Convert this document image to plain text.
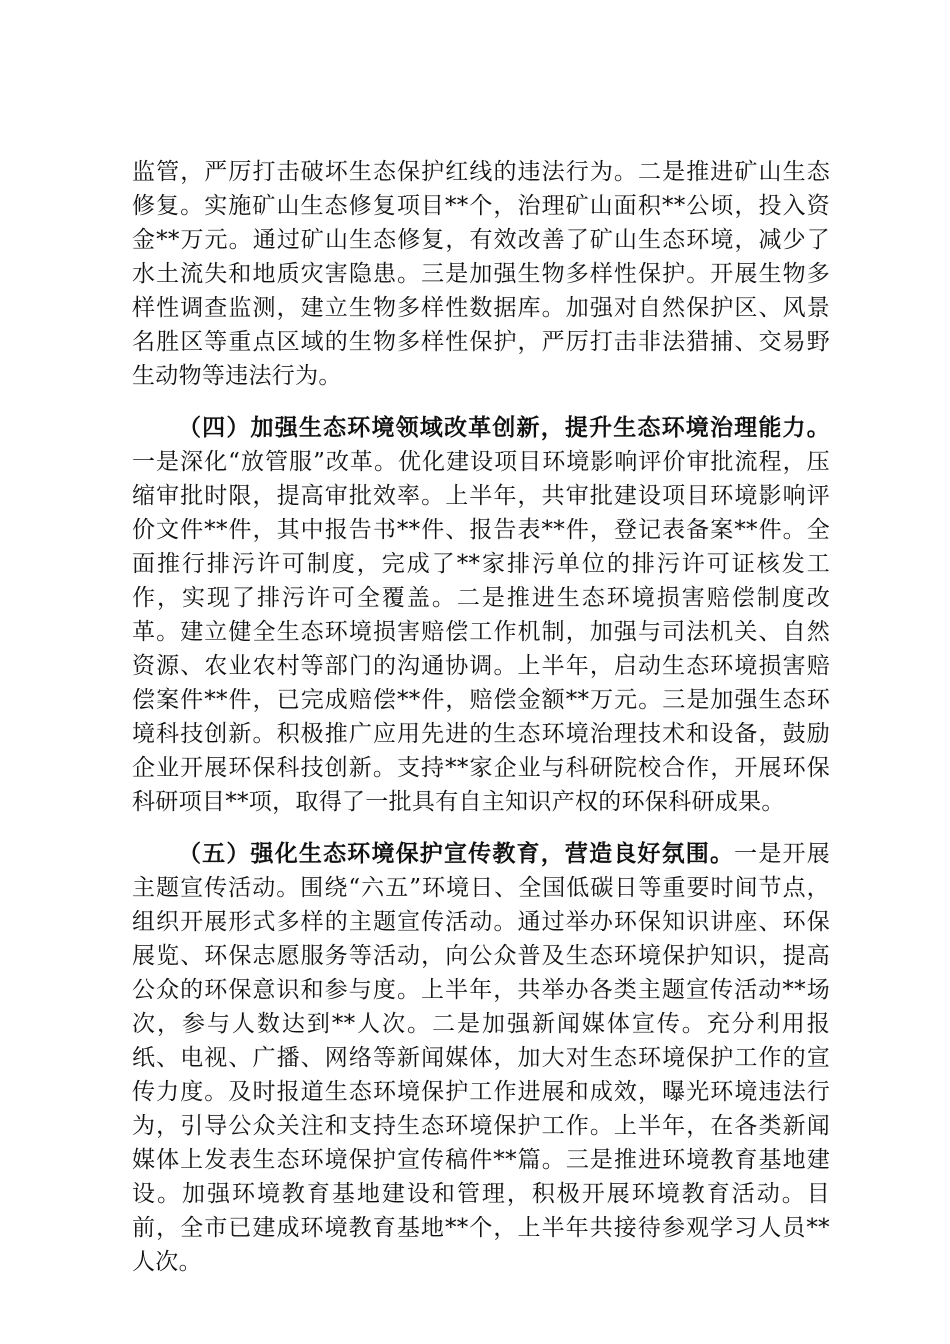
监管，严厉打击破坏生态保护红线的违法行为。二是推进矿山生态修复。实施矿山生态修复项目**个，治理矿山面积**公顷，投入资金**万元。通过矿山生态修复，有效改善了矿山生态环境，减少了水土流失和地质灾害隐患。三是加强生物多样性保护。开展生物多样性调查监测，建立生物多样性数据库。加强对自然保护区、风景名胜区等重点区域的生物多样性保护，严厉打击非法猎捕、交易野生动物等违法行为。

（四）加强生态环境领域改革创新，提升生态环境治理能力。一是深化“放管服”改革。优化建设项目环境影响评价审批流程，压缩审批时限，提高审批效率。上半年，共审批建设项目环境影响评价文件**件，其中报告书**件、报告表**件，登记表备案**件。全面推行排污许可制度，完成了**家排污单位的排污许可证核发工作，实现了排污许可全覆盖。二是推进生态环境损害赔偿制度改革。建立健全生态环境损害赔偿工作机制，加强与司法机关、自然资源、农业农村等部门的沟通协调。上半年，启动生态环境损害赔偿案件**件，已完成赔偿**件，赔偿金额**万元。三是加强生态环境科技创新。积极推广应用先进的生态环境治理技术和设备，鼓励企业开展环保科技创新。支持**家企业与科研院校合作，开展环保科研项目**项，取得了一批具有自主知识产权的环保科研成果。

（五）强化生态环境保护宣传教育，营造良好氛围。一是开展主题宣传活动。围绕“六五”环境日、全国低碳日等重要时间节点，组织开展形式多样的主题宣传活动。通过举办环保知识讲座、环保展览、环保志愿服务等活动，向公众普及生态环境保护知识，提高公众的环保意识和参与度。上半年，共举办各类主题宣传活动**场次，参与人数达到**人次。二是加强新闻媒体宣传。充分利用报纸、电视、广播、网络等新闻媒体，加大对生态环境保护工作的宣传力度。及时报道生态环境保护工作进展和成效，曝光环境违法行为，引导公众关注和支持生态环境保护工作。上半年，在各类新闻媒体上发表生态环境保护宣传稿件**篇。三是推进环境教育基地建设。加强环境教育基地建设和管理，积极开展环境教育活动。目前，全市已建成环境教育基地**个，上半年共接待参观学习人员**人次。
